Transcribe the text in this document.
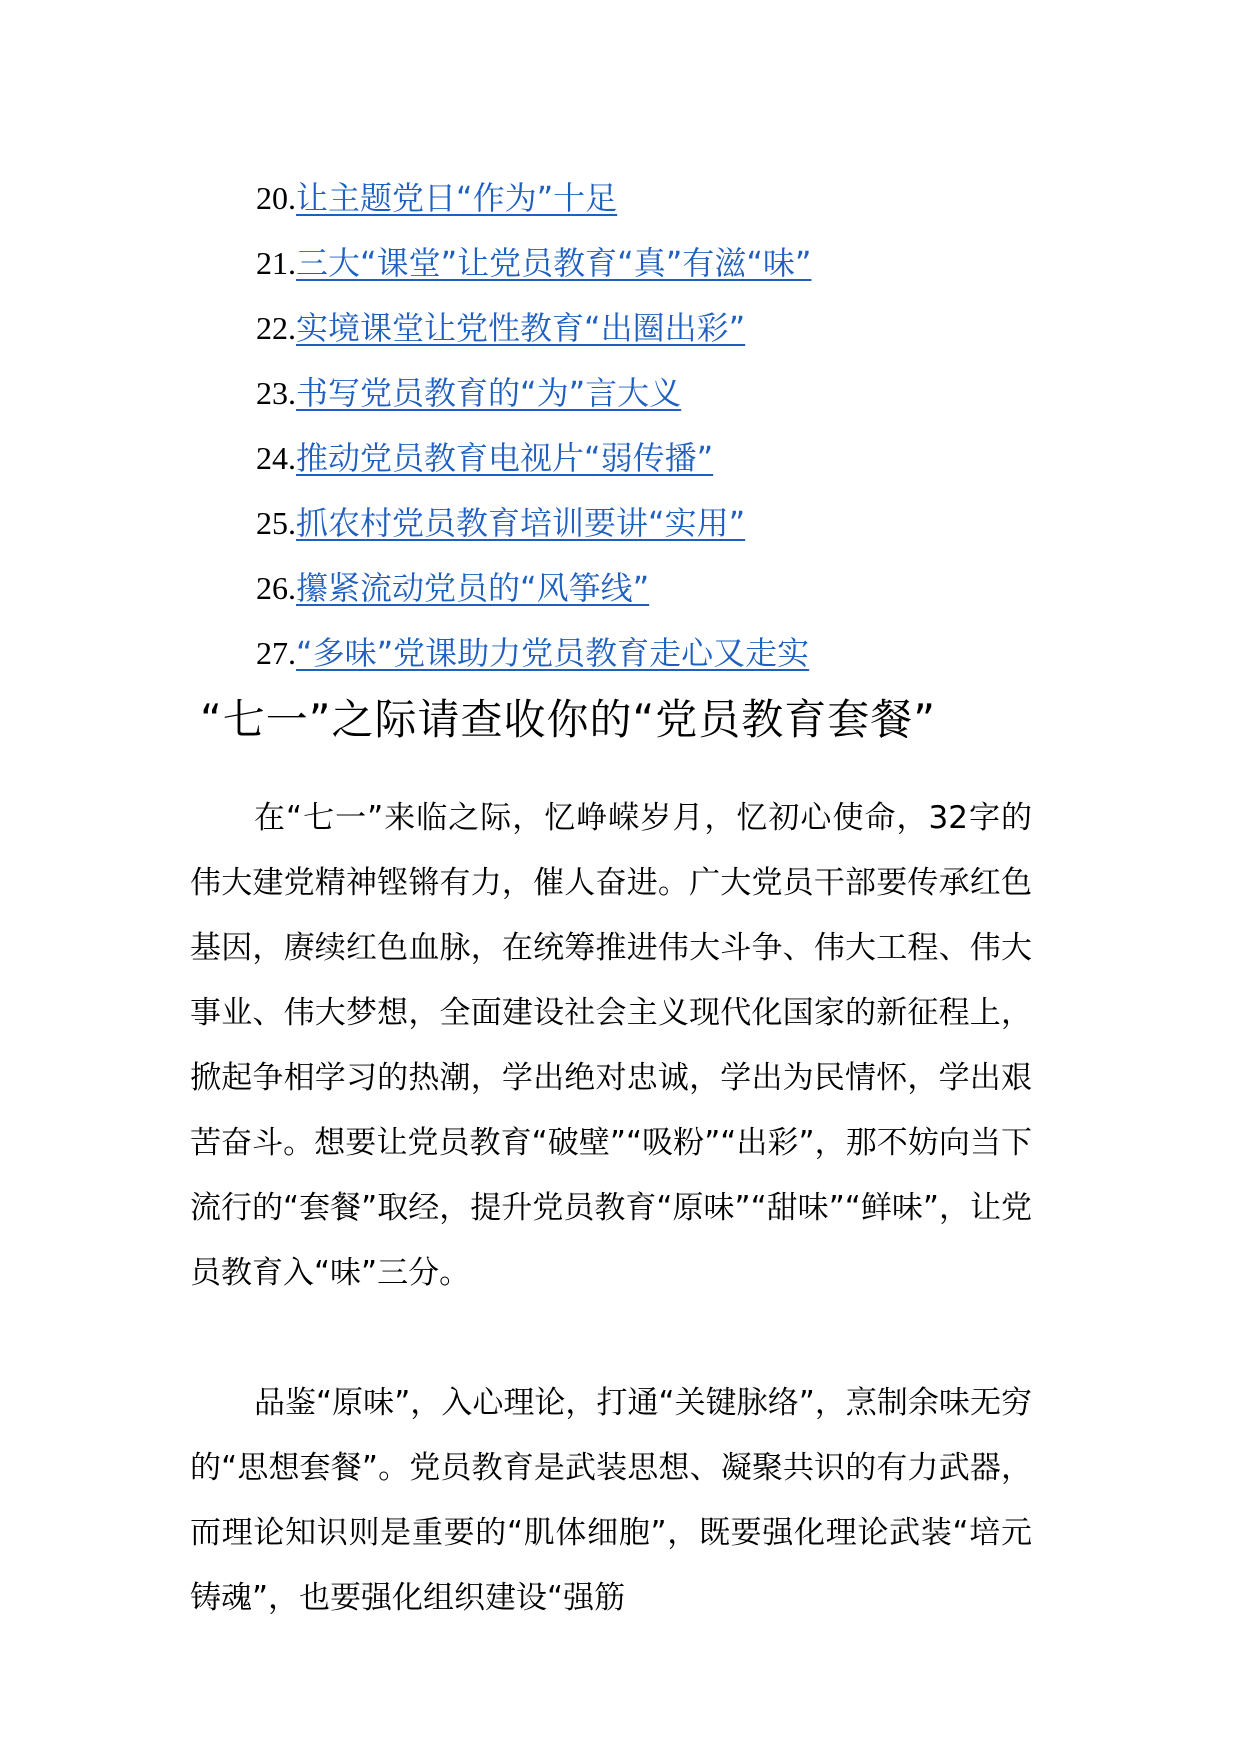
20.让主题党日“作为”十足
21.三大“课堂”让党员教育“真”有滋“味”
22.实境课堂让党性教育“出圈出彩”
23.书写党员教育的“为”言大义
24.推动党员教育电视片“弱传播”
25.抓农村党员教育培训要讲“实用”
26.攥紧流动党员的“风筝线”
27.“多味”党课助力党员教育走心又走实
“七一”之际请查收你的“党员教育套餐”

在“七一”来临之际，忆峥嵘岁月，忆初心使命，32字的伟大建党精神铿锵有力，催人奋进。广大党员干部要传承红色基因，赓续红色血脉，在统筹推进伟大斗争、伟大工程、伟大事业、伟大梦想，全面建设社会主义现代化国家的新征程上，掀起争相学习的热潮，学出绝对忠诚，学出为民情怀，学出艰苦奋斗。想要让党员教育“破壁”“吸粉”“出彩”，那不妨向当下流行的“套餐”取经，提升党员教育“原味”“甜味”“鲜味”，让党员教育入“味”三分。

品鉴“原味”，入心理论，打通“关键脉络”，烹制余味无穷的“思想套餐”。党员教育是武装思想、凝聚共识的有力武器，而理论知识则是重要的“肌体细胞”，既要强化理论武装“培元铸魂”，也要强化组织建设“强筋
